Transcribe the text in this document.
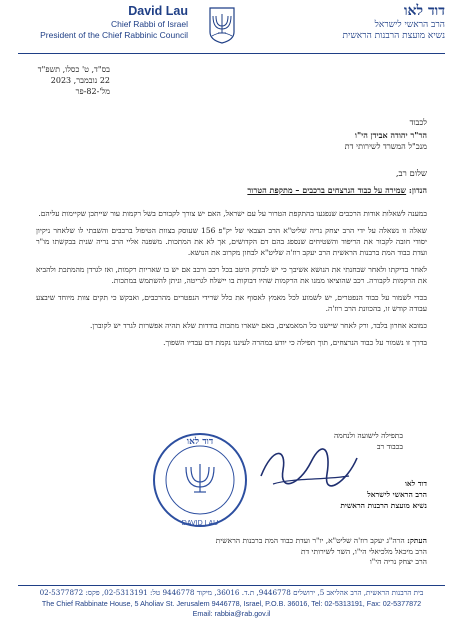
David Lau
Chief Rabbi of Israel
President of the Chief Rabbinic Council
דוד לאו
הרב הראשי לישראל
נשיא מועצת הרבנות הראשית
בס"ד, ט' כסלו, תשפ"ד
22 נובמבר, 2023
מל'-82-פר
לכבוד
הר"ר יהודה אבידן הי"ו
מנכ"ל המשרד לשירותי דת
שלום רב,
הנדון: שמירה על כבוד הנרצחים ברכבים – מתקפת הטרור

במענה לשאלות אודות הרכבים שנפגעו בהתקפת הטרור על עם ישראל, האם יש צורך לקבורם בשל רקמות עור שייתכן שקיימות עליהם.

שאלה זו נשאלה על ידי הרב יצחק נריה שליט"א הרב הצבאי של יק"פ 156 שעוסק בצוות הטיפול ברכבים והשבתי לו שלאחר ניקיון יסודי חובה לקבור את הריפוד והשטיחים שנספג בהם דם הקדושים, אך לא את המתכות. משפנה אליי הרב נריה שנית בבקשתו מו"ר ועדת כבוד המת ברבנות הראשית הרב יעקב רוז'ה שליט"א לבחון מקרוב את הנושא.

לאחר בדיקתו ולאחר שבחנתי את הנושא אשיבך כי יש לבדוק היטב בכל רכב ורכב אם יש בו שאריות רקמות, ואז לגרדן מהמתכת ולהביא את הרקמות לקבורה. רכב שהוציאו ממנו את הרקמות שהיו דבוקות בו יישלח לגריטה, וניתן להשתמש במתכות.

בכדי לשמור על כבוד הנפטרים, יש לשמוע לכל מאמץ לאסוף את כלל שרידי הנפטרים מהרכבים, ואבקש כי תקים צוות מיוחד שיבצע עבודה קודש זו, בהכוונת הרב רוז'ה.

כמובא אחרון בלבד, ורק לאחר שיישנו כל המאמצים, באם ישארו מתכות בודדות שלא תהיה אפשרות לגרד יש לקוברן.

בדרך זו נשמור על כבוד הנרצחים, תוך תפילה כי יודע במהרה לעיננו נקמת דם עבדיו השפוך.

דוד לאו
DAVID LAU
בתפילה לישועה ולנחמה
בכבוד רב
דוד לאו
הרב הראשי לישראל
נשיא מועצת הרבנות הראשית
העתק: הרה"ג יעקב רוז'ה שליט"א, יו"ר ועדת כבוד המת ברבנות הראשית
הרב מיכאל מלכיאלי הי"ו, השר לשירותי דת
הרב יצחק נריה הי"ו
בית הרבנות הראשית, הרב אהליאב 5, ירושלים 9446778, ת.ד. 36016, מיקוד 9446778 טל: 02-5313191, פקס: 02-5377872
The Chief Rabbinate House, 5 Aholiav St. Jerusalem 9446778, Israel, P.O.B. 36016, Tel: 02-5313191, Fax: 02-5377872
Email: rabbia@rab.gov.il
